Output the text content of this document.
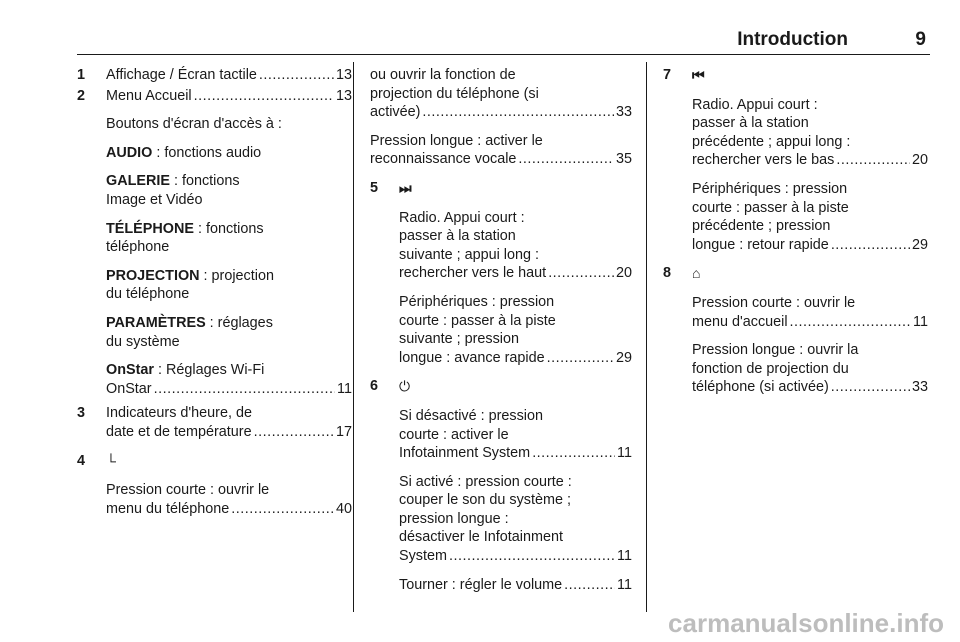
Introduction	9
1 Affichage / Écran tactile .....	13
2 Menu Accueil .....	13
Boutons d'écran d'accès à :
AUDIO : fonctions audio
GALERIE : fonctions
Image et Vidéo
TÉLÉPHONE : fonctions
téléphone
PROJECTION : projection
du téléphone
PARAMÈTRES : réglages
du système
OnStar : Réglages Wi-Fi
OnStar .....	11
3 Indicateurs d'heure, de
date et de température .....	17
4 └
Pression courte : ouvrir le
menu du téléphone .....	40
ou ouvrir la fonction de
projection du téléphone (si
activée) .....	33
Pression longue : activer le
reconnaissance vocale .....	35
5 ⏭
Radio. Appui court :
passer à la station
suivante ; appui long :
rechercher vers le haut .....	20
Périphériques : pression
courte : passer à la piste
suivante ; pression
longue : avance rapide .....	29
6 ⏻
Si désactivé : pression
courte : activer le
Infotainment System .....	11
Si activé : pression courte :
couper le son du système ;
pression longue :
désactiver le Infotainment
System .....	11
Tourner : régler le volume .....	11
7 ⏮
Radio. Appui court :
passer à la station
précédente ; appui long :
rechercher vers le bas .....	20
Périphériques : pression
courte : passer à la piste
précédente ; pression
longue : retour rapide .....	29
8 ⌂
Pression courte : ouvrir le
menu d'accueil .....	11
Pression longue : ouvrir la
fonction de projection du
téléphone (si activée) .....	33
carmanualsonline.info
